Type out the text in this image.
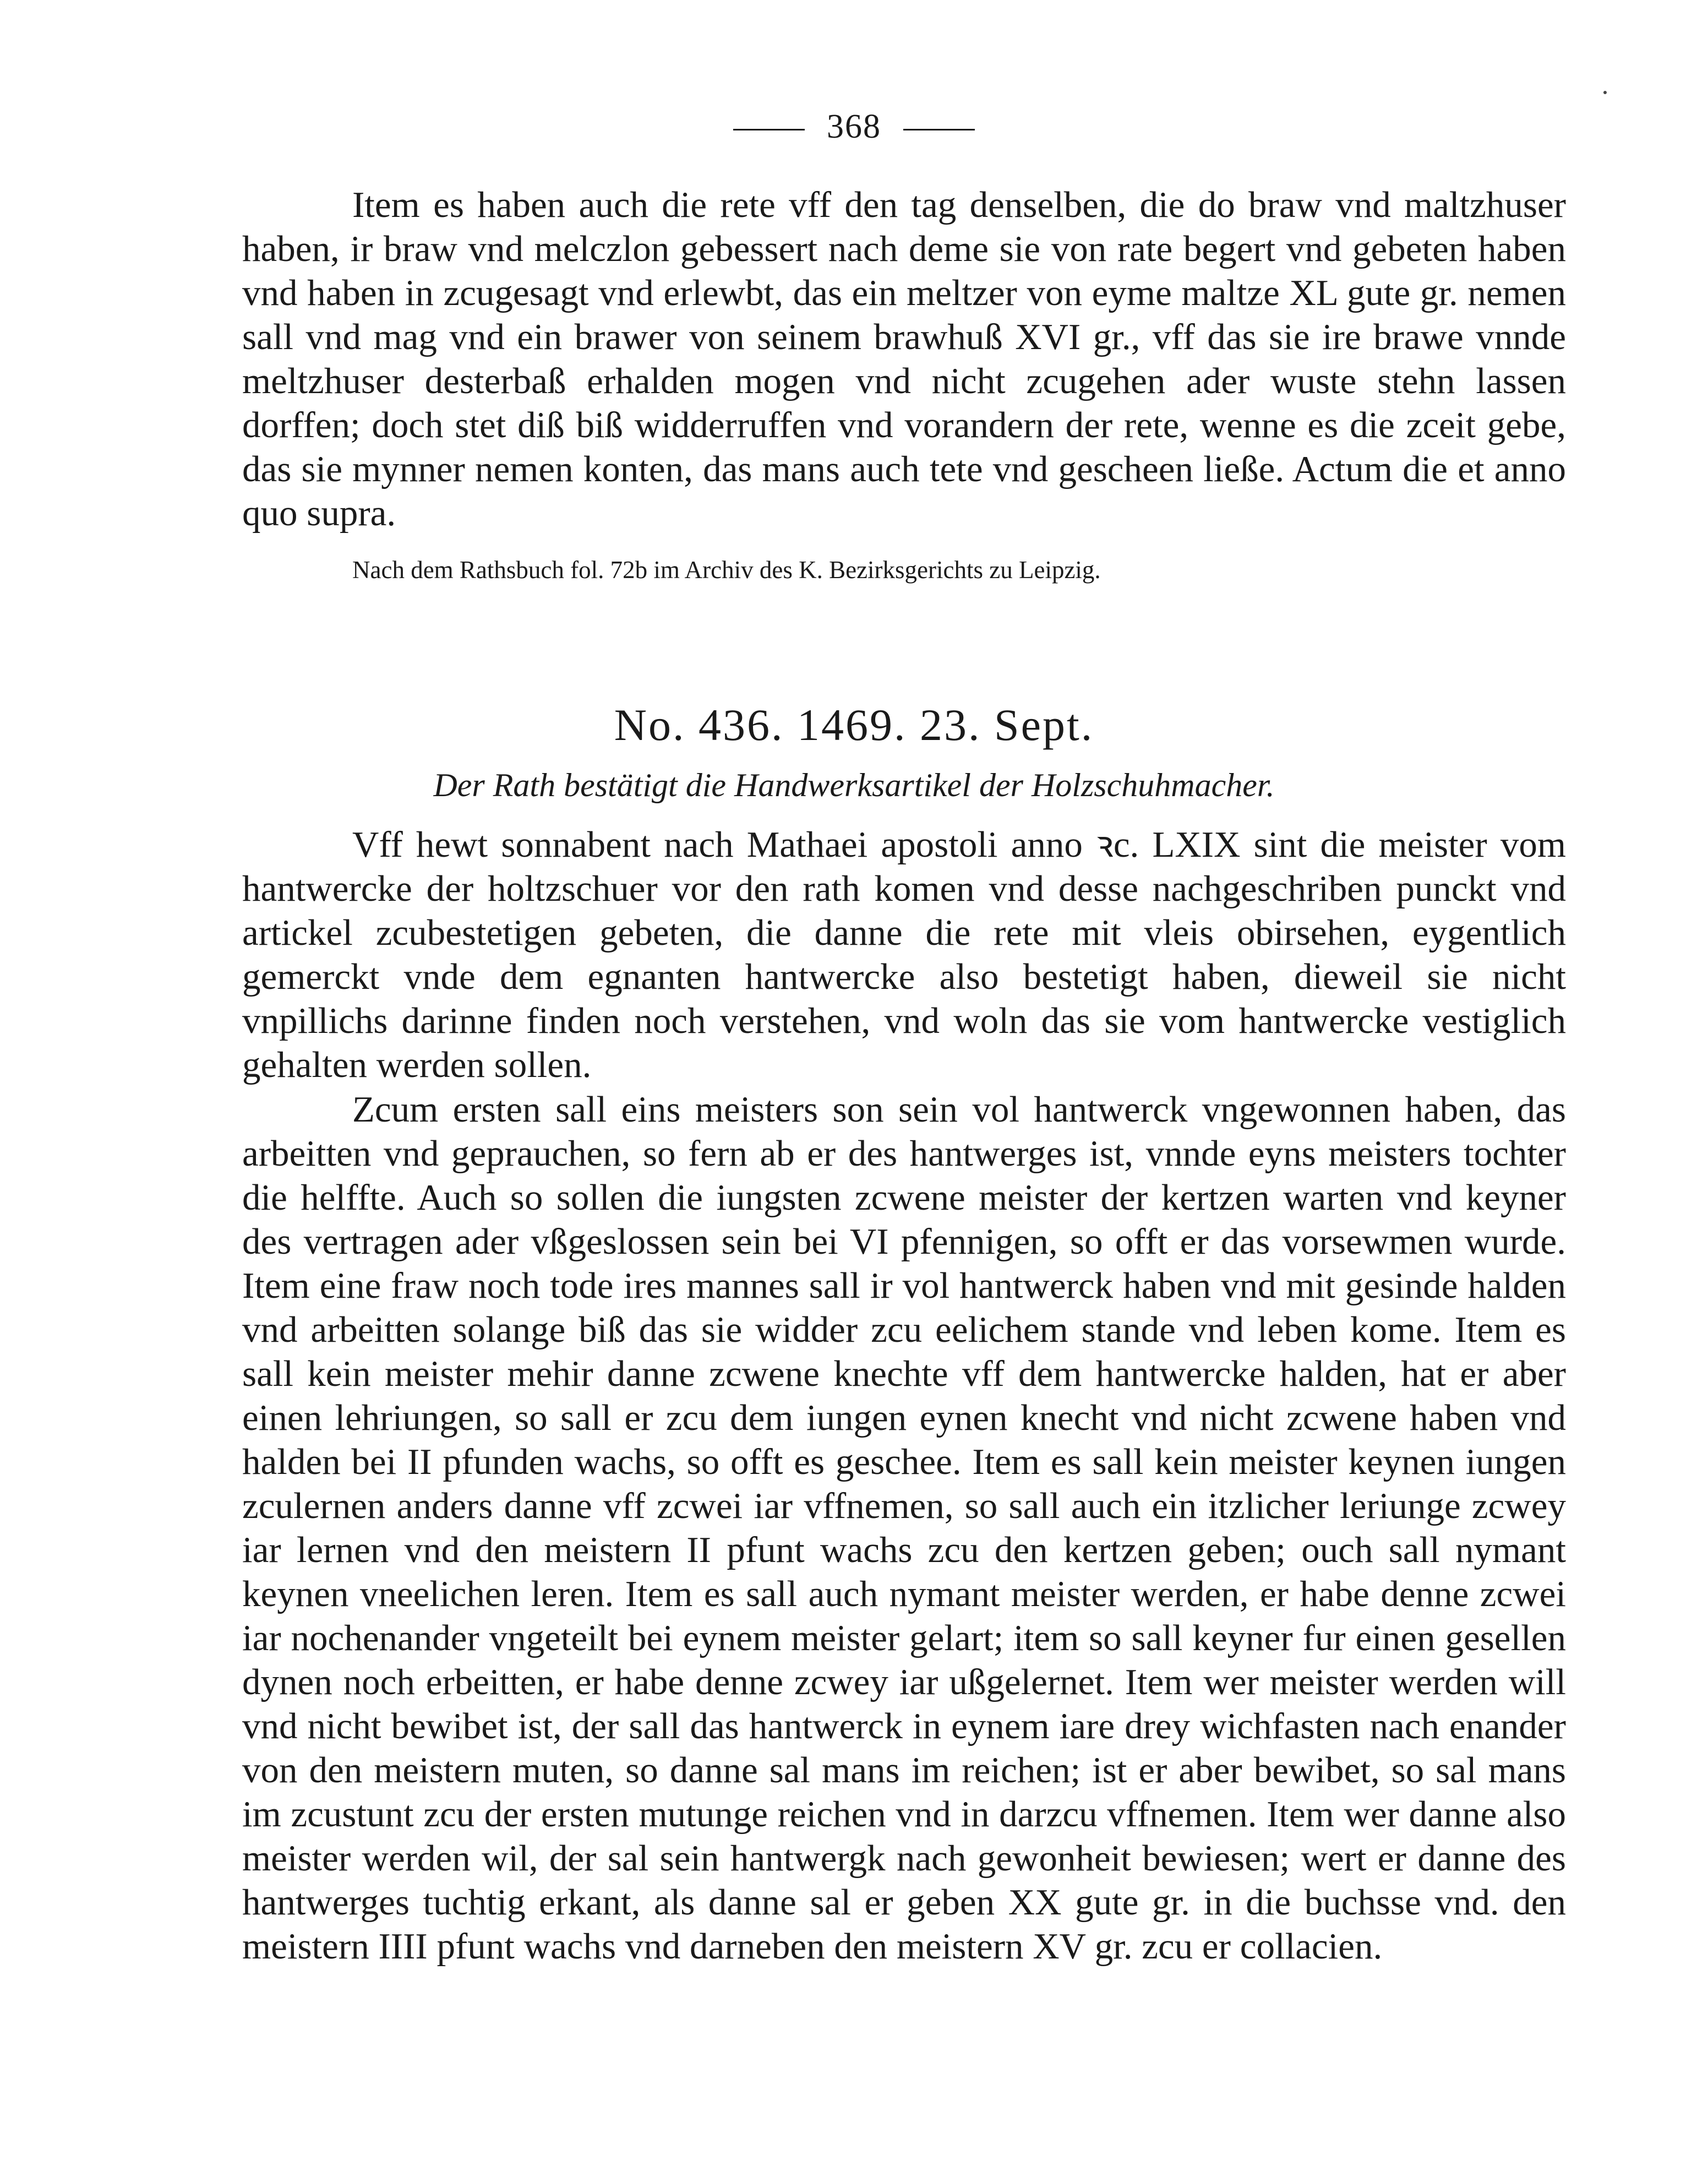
368

Item es haben auch die rete vff den tag denselben, die do braw vnd maltzhuser haben, ir braw vnd melczlon gebessert nach deme sie von rate begert vnd gebeten haben vnd haben in zcugesagt vnd erlewbt, das ein meltzer von eyme maltze XL gute gr. nemen sall vnd mag vnd ein brawer von seinem brawhuß XVI gr., vff das sie ire brawe vnnde meltzhuser desterbaß erhalden mogen vnd nicht zcugehen ader wuste stehn lassen dorffen; doch stet diß biß widderruffen vnd vorandern der rete, wenne es die zceit gebe, das sie mynner nemen konten, das mans auch tete vnd gescheen ließe. Actum die et anno quo supra.

Nach dem Rathsbuch fol. 72b im Archiv des K. Bezirksgerichts zu Leipzig.

No. 436. 1469. 23. Sept.

Der Rath bestätigt die Handwerksartikel der Holzschuhmacher.

Vff hewt sonnabent nach Mathaei apostoli anno ꝛc. LXIX sint die meister vom hantwercke der holtzschuer vor den rath komen vnd desse nachgeschriben punckt vnd artickel zcubestetigen gebeten, die danne die rete mit vleis obirsehen, eygentlich gemerckt vnde dem egnanten hantwercke also bestetigt haben, dieweil sie nicht vnpillichs darinne finden noch verstehen, vnd woln das sie vom hantwercke vestiglich gehalten werden sollen.

Zcum ersten sall eins meisters son sein vol hantwerck vngewonnen haben, das arbeitten vnd geprauchen, so fern ab er des hantwerges ist, vnnde eyns meisters tochter die helffte. Auch so sollen die iungsten zcwene meister der kertzen warten vnd keyner des vertragen ader vßgeslossen sein bei VI pfennigen, so offt er das vorsewmen wurde. Item eine fraw noch tode ires mannes sall ir vol hantwerck haben vnd mit gesinde halden vnd arbeitten solange biß das sie widder zcu eelichem stande vnd leben kome. Item es sall kein meister mehir danne zcwene knechte vff dem hantwercke halden, hat er aber einen lehriungen, so sall er zcu dem iungen eynen knecht vnd nicht zcwene haben vnd halden bei II pfunden wachs, so offt es geschee. Item es sall kein meister keynen iungen zculernen anders danne vff zcwei iar vffnemen, so sall auch ein itzlicher leriunge zcwey iar lernen vnd den meistern II pfunt wachs zcu den kertzen geben; ouch sall nymant keynen vneelichen leren. Item es sall auch nymant meister werden, er habe denne zcwei iar nochenander vngeteilt bei eynem meister gelart; item so sall keyner fur einen gesellen dynen noch erbeitten, er habe denne zcwey iar ußgelernet. Item wer meister werden will vnd nicht bewibet ist, der sall das hantwerck in eynem iare drey wichfasten nach enander von den meistern muten, so danne sal mans im reichen; ist er aber bewibet, so sal mans im zcustunt zcu der ersten mutunge reichen vnd in darzcu vffnemen. Item wer danne also meister werden wil, der sal sein hantwergk nach gewonheit bewiesen; wert er danne des hantwerges tuchtig erkant, als danne sal er geben XX gute gr. in die buchsse vnd. den meistern IIII pfunt wachs vnd darneben den meistern XV gr. zcu er collacien.
